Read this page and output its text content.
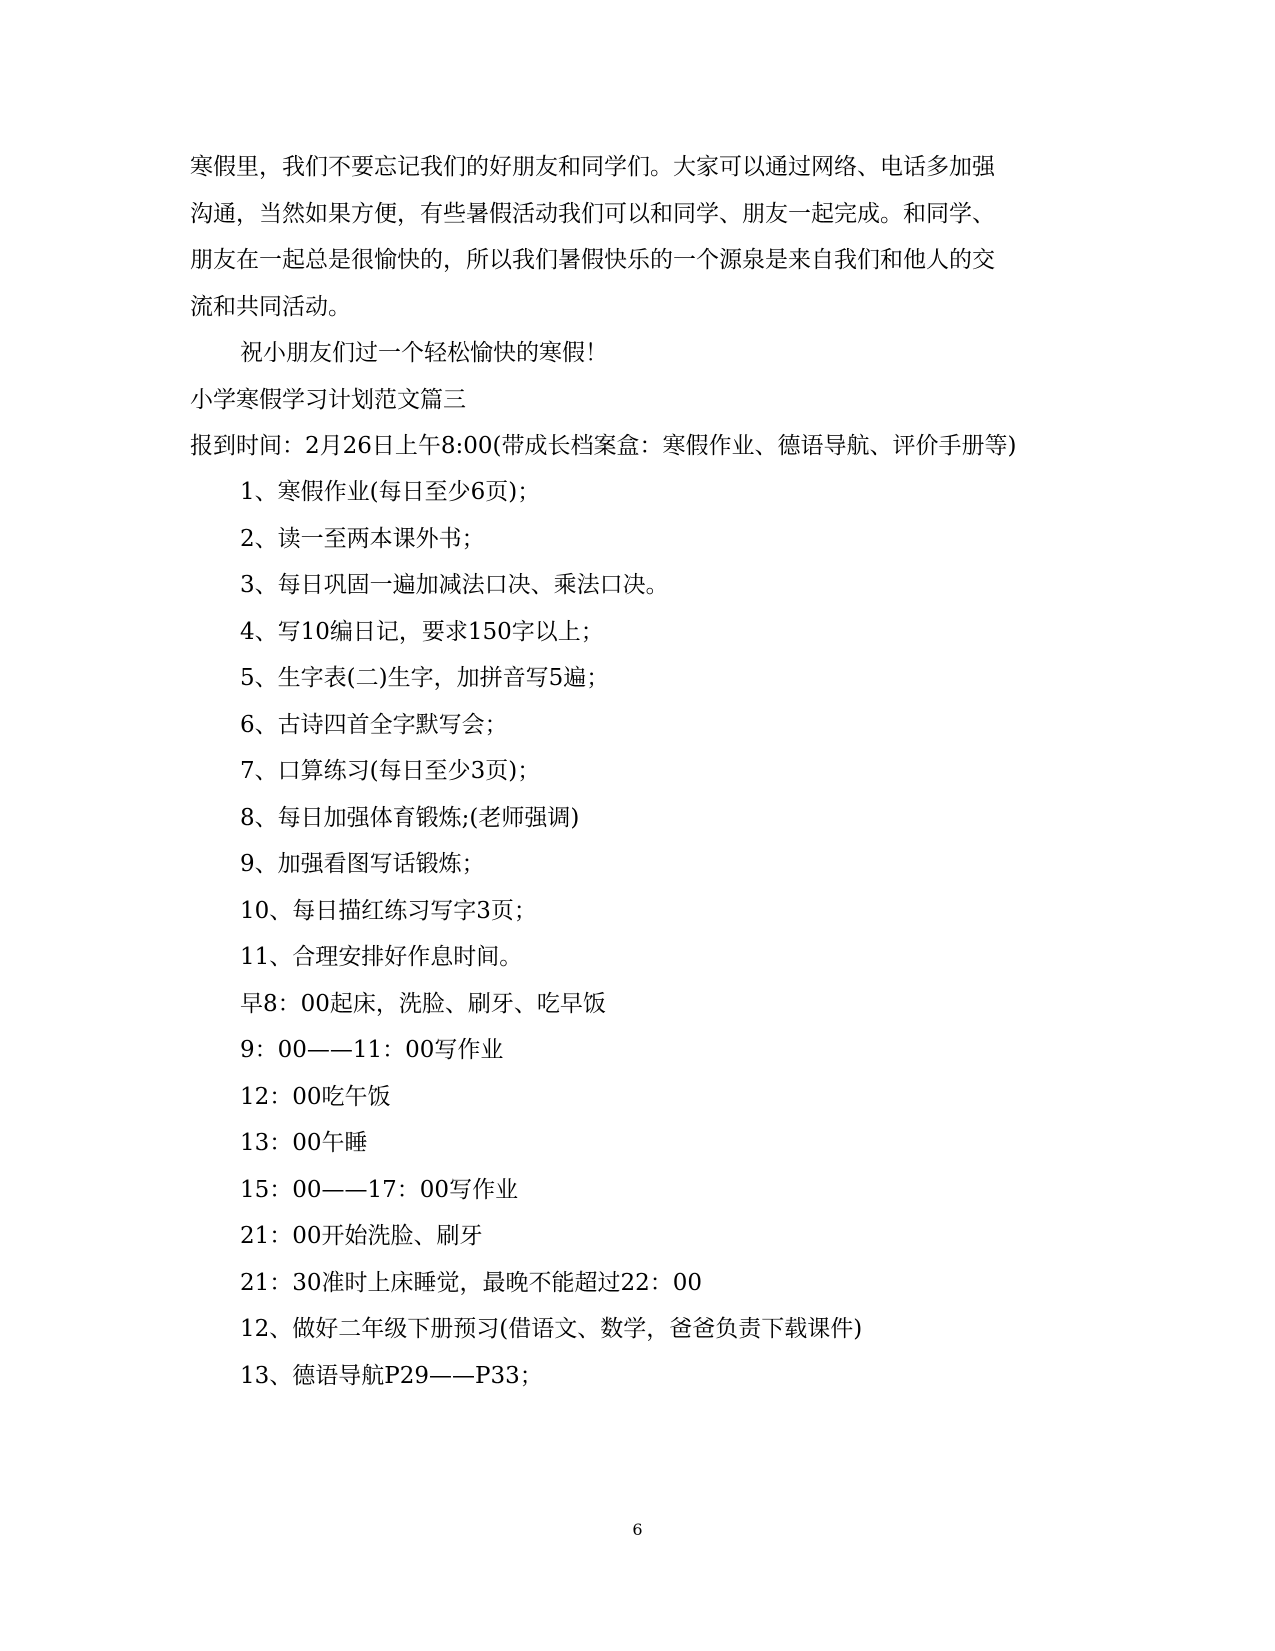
寒假里，我们不要忘记我们的好朋友和同学们。大家可以通过网络、电话多加强
沟通，当然如果方便，有些暑假活动我们可以和同学、朋友一起完成。和同学、
朋友在一起总是很愉快的，所以我们暑假快乐的一个源泉是来自我们和他人的交
流和共同活动。
祝小朋友们过一个轻松愉快的寒假！
小学寒假学习计划范文篇三
报到时间：2月26日上午8:00(带成长档案盒：寒假作业、德语导航、评价手册等)
1、寒假作业(每日至少6页)；
2、读一至两本课外书；
3、每日巩固一遍加减法口决、乘法口决。
4、写10编日记，要求150字以上；
5、生字表(二)生字，加拼音写5遍；
6、古诗四首全字默写会；
7、口算练习(每日至少3页)；
8、每日加强体育锻炼;(老师强调)
9、加强看图写话锻炼；
10、每日描红练习写字3页；
11、合理安排好作息时间。
早8：00起床，洗脸、刷牙、吃早饭
9：00——11：00写作业
12：00吃午饭
13：00午睡
15：00——17：00写作业
21：00开始洗脸、刷牙
21：30准时上床睡觉，最晚不能超过22：00
12、做好二年级下册预习(借语文、数学，爸爸负责下载课件)
13、德语导航P29——P33；
6
